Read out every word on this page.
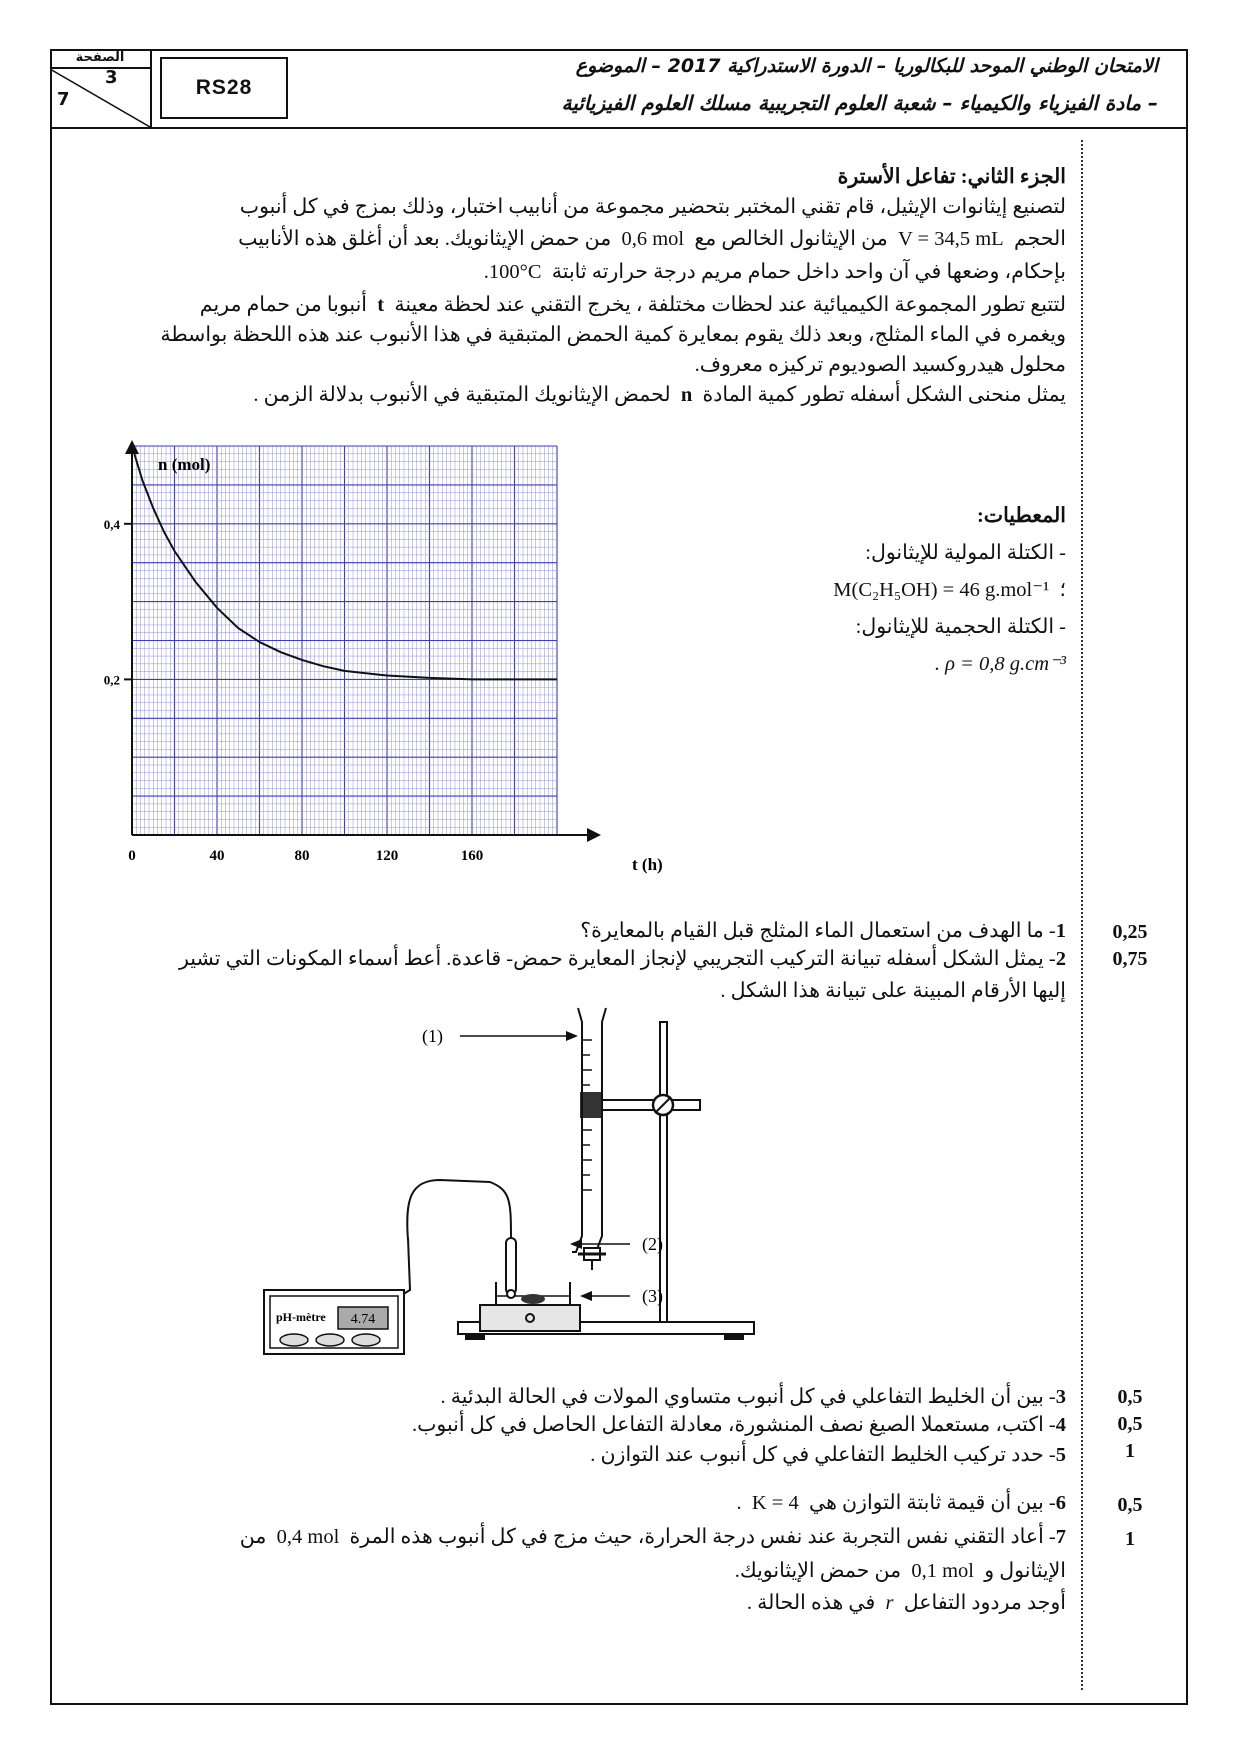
الصفحة
3
7
RS28
الامتحان الوطني الموحد للبكالوريا – الدورة الاستدراكية 2017 – الموضوع
– مادة الفيزياء والكيمياء – شعبة العلوم التجريبية مسلك العلوم الفيزيائية
الجزء الثاني: تفاعل الأسترة
لتصنيع إيثانوات الإيثيل، قام تقني المختبر بتحضير مجموعة من أنابيب اختبار، وذلك بمزج في كل أنبوب
الحجم  V = 34,5 mL  من الإيثانول الخالص مع  0,6 mol  من حمض الإيثانويك. بعد أن أغلق هذه الأنابيب
بإحكام، وضعها في آن واحد داخل حمام مريم درجة حرارته ثابتة  100°C.
لتتبع تطور المجموعة الكيميائية عند لحظات مختلفة ، يخرج التقني عند لحظة معينة  t  أنبوبا من حمام مريم
ويغمره في الماء المثلج، وبعد ذلك يقوم بمعايرة كمية الحمض المتبقية في هذا الأنبوب عند هذه اللحظة بواسطة
محلول هيدروكسيد الصوديوم تركيزه معروف.
يمثل منحنى الشكل أسفله تطور كمية المادة  n  لحمض الإيثانويك المتبقية في الأنبوب بدلالة الزمن .
المعطيات:
- الكتلة المولية للإيثانول:
؛  M(C₂H₅OH) = 46 g.mol⁻¹
- الكتلة الحجمية للإيثانول:
. ρ = 0,8 g.cm⁻³
0	40	80	120	160
0,2
0,4
n (mol)
t (h)
0,25
1- ما الهدف من استعمال الماء المثلج قبل القيام بالمعايرة؟
0,75
2- يمثل الشكل أسفله تبيانة التركيب التجريبي لإنجاز المعايرة حمض- قاعدة. أعط أسماء المكونات التي تشير
إليها الأرقام المبينة على تبيانة هذا الشكل .
pH-mètre 4.74
(1)
(2)
(3)
0,5
3- بين أن الخليط التفاعلي في كل أنبوب متساوي المولات في الحالة البدئية .
0,5
4- اكتب، مستعملا الصيغ نصف المنشورة، معادلة التفاعل الحاصل في كل أنبوب.
1
5- حدد تركيب الخليط التفاعلي في كل أنبوب عند التوازن .
0,5
6- بين أن قيمة ثابتة التوازن هي  K = 4  .
1
7- أعاد التقني نفس التجربة عند نفس درجة الحرارة، حيث مزج في كل أنبوب هذه المرة  0,4 mol  من
الإيثانول و  0,1 mol  من حمض الإيثانويك.
أوجد مردود التفاعل  r  في هذه الحالة .
